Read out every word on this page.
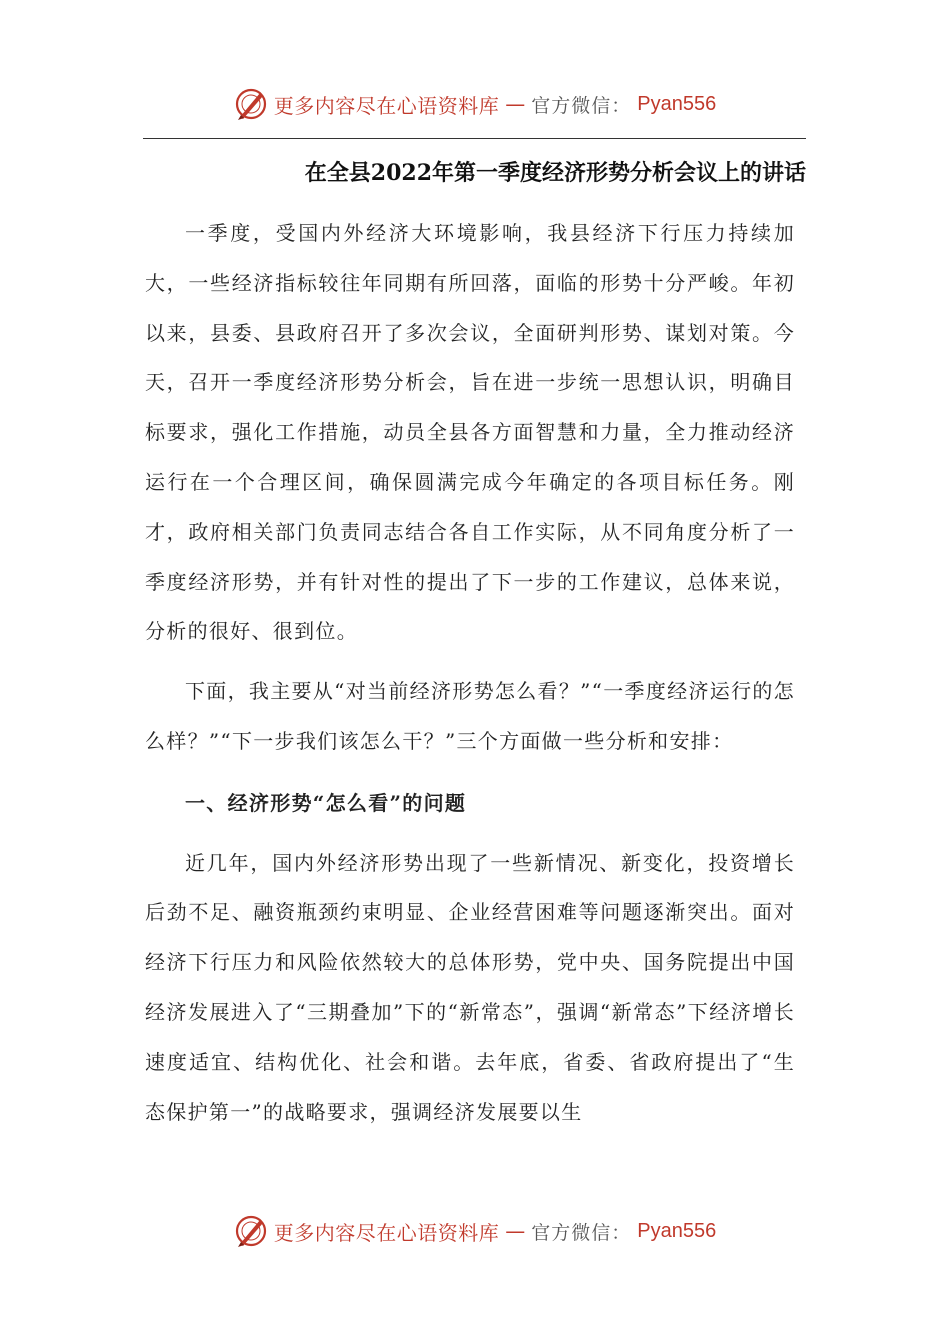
更多内容尽在心语资料库 — 官方微信： Pyan556
在全县2022年第一季度经济形势分析会议上的讲话

一季度，受国内外经济大环境影响，我县经济下行压力持续加大，一些经济指标较往年同期有所回落，面临的形势十分严峻。年初以来，县委、县政府召开了多次会议，全面研判形势、谋划对策。今天，召开一季度经济形势分析会，旨在进一步统一思想认识，明确目标要求，强化工作措施，动员全县各方面智慧和力量，全力推动经济运行在一个合理区间，确保圆满完成今年确定的各项目标任务。刚才，政府相关部门负责同志结合各自工作实际，从不同角度分析了一季度经济形势，并有针对性的提出了下一步的工作建议，总体来说，分析的很好、很到位。

下面，我主要从“对当前经济形势怎么看？”“一季度经济运行的怎么样？”“下一步我们该怎么干？”三个方面做一些分析和安排：

一、经济形势“怎么看”的问题

近几年，国内外经济形势出现了一些新情况、新变化，投资增长后劲不足、融资瓶颈约束明显、企业经营困难等问题逐渐突出。面对经济下行压力和风险依然较大的总体形势，党中央、国务院提出中国经济发展进入了“三期叠加”下的“新常态”，强调“新常态”下经济增长速度适宜、结构优化、社会和谐。去年底，省委、省政府提出了“生态保护第一”的战略要求，强调经济发展要以生

更多内容尽在心语资料库 — 官方微信： Pyan556
